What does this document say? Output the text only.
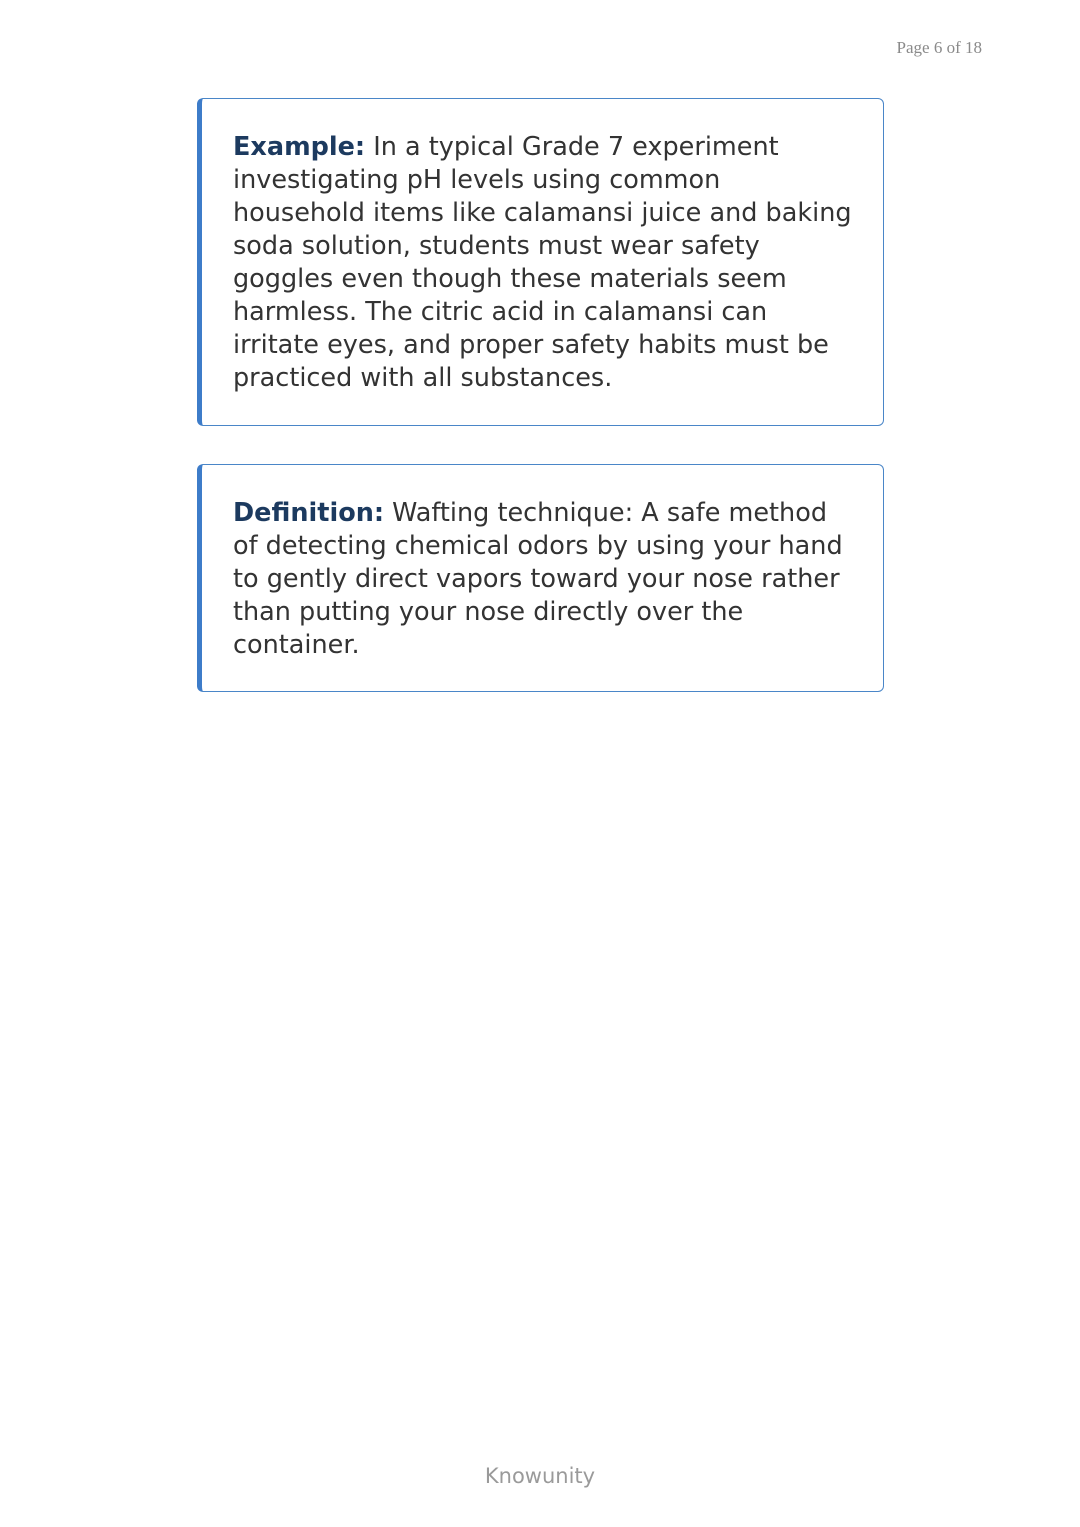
Page 6 of 18

Example: In a typical Grade 7 experiment investigating pH levels using common household items like calamansi juice and baking soda solution, students must wear safety goggles even though these materials seem harmless. The citric acid in calamansi can irritate eyes, and proper safety habits must be practiced with all substances.

Definition: Wafting technique: A safe method of detecting chemical odors by using your hand to gently direct vapors toward your nose rather than putting your nose directly over the container.

Knowunity
